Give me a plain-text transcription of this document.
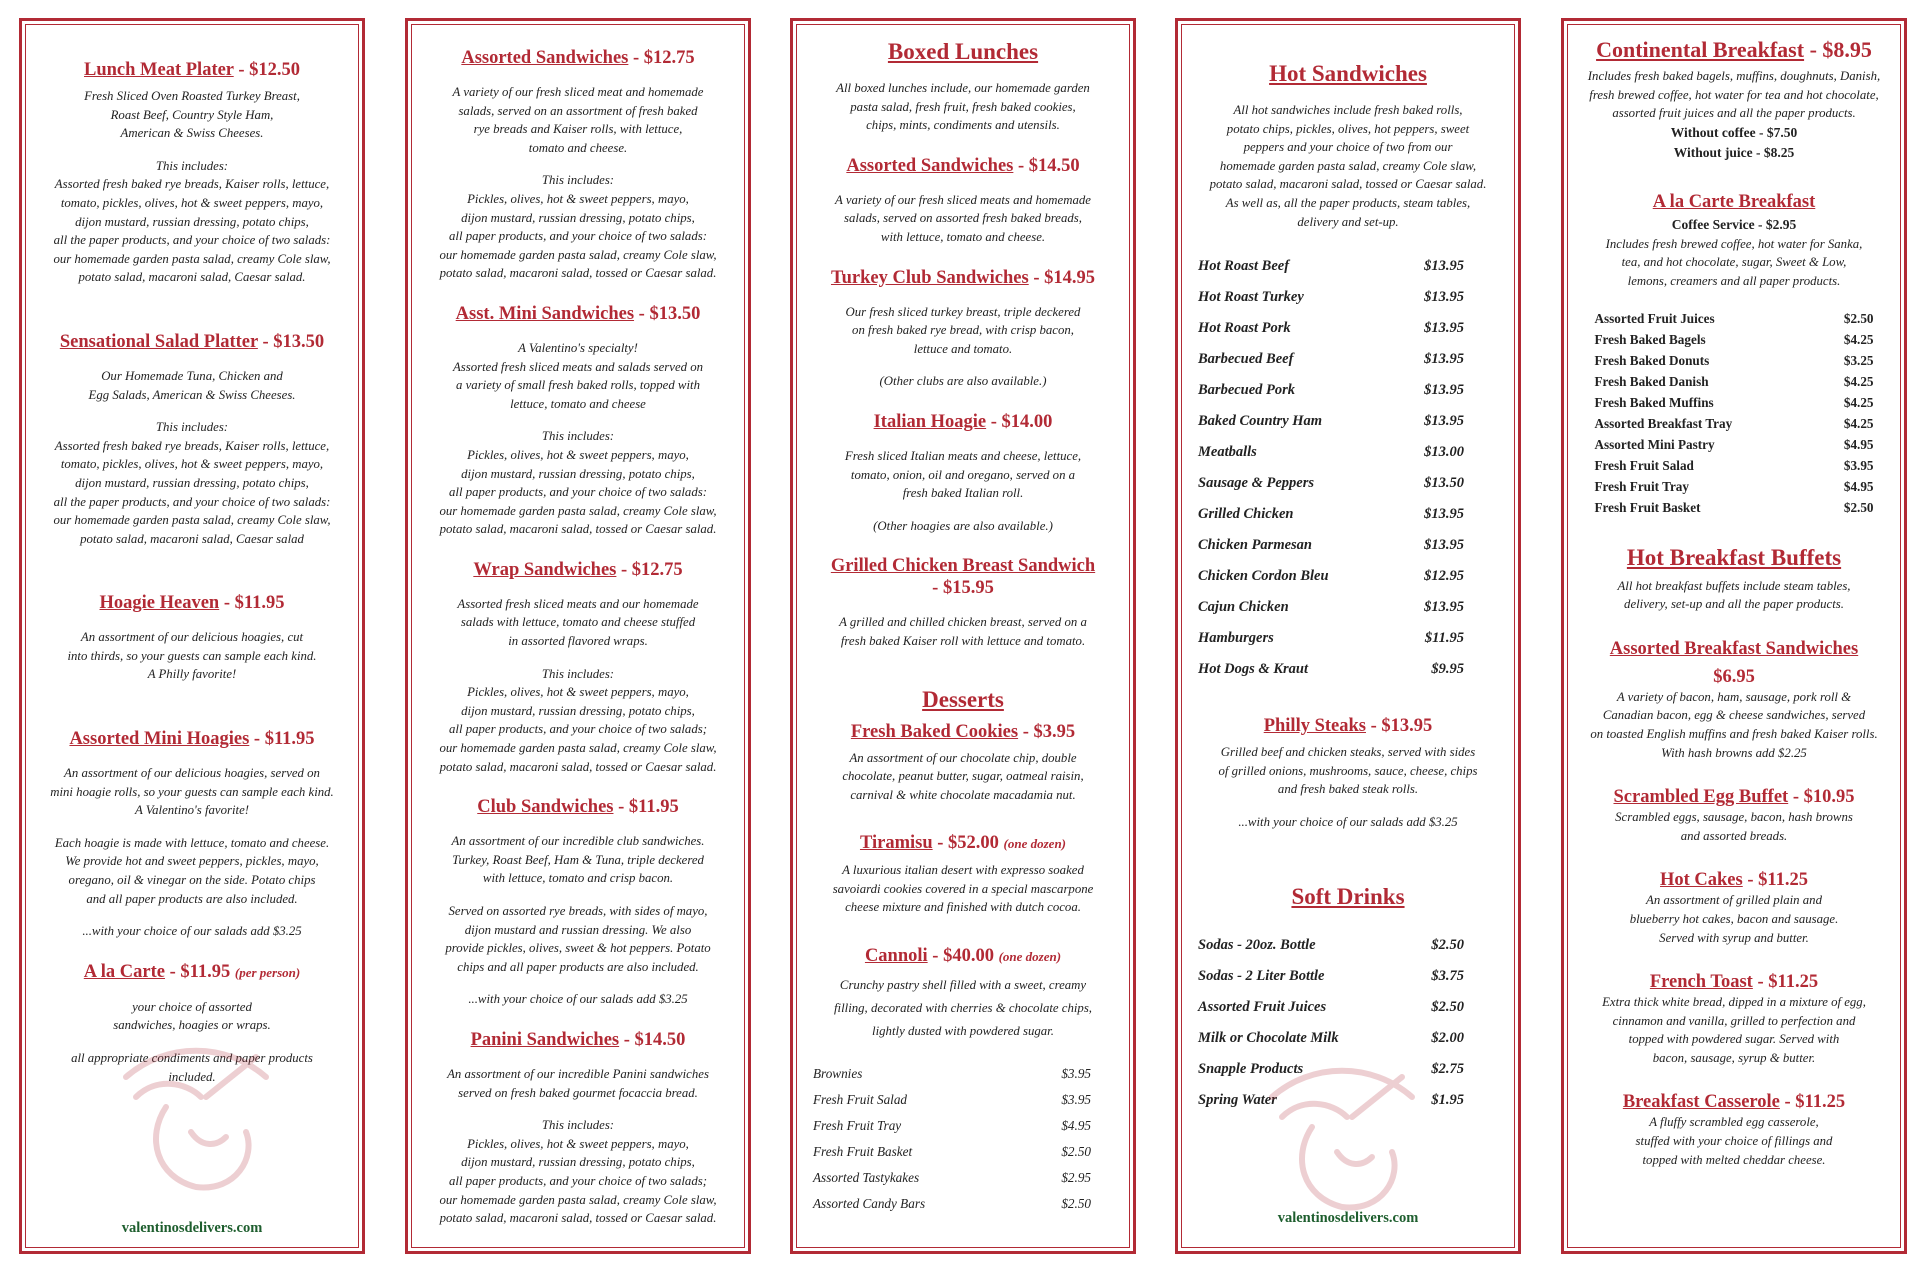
Lunch Meat Plater - $12.50
Fresh Sliced Oven Roasted Turkey Breast,
Roast Beef, Country Style Ham,
American & Swiss Cheeses.
This includes:
Assorted fresh baked rye breads, Kaiser rolls, lettuce,
tomato, pickles, olives, hot & sweet peppers, mayo,
dijon mustard, russian dressing, potato chips,
all the paper products, and your choice of two salads:
our homemade garden pasta salad, creamy Cole slaw,
potato salad, macaroni salad, Caesar salad.
Sensational Salad Platter - $13.50
Our Homemade Tuna, Chicken and
Egg Salads, American & Swiss Cheeses.
This includes:
Assorted fresh baked rye breads, Kaiser rolls, lettuce,
tomato, pickles, olives, hot & sweet peppers, mayo,
dijon mustard, russian dressing, potato chips,
all the paper products, and your choice of two salads:
our homemade garden pasta salad, creamy Cole slaw,
potato salad, macaroni salad, Caesar salad
Hoagie Heaven - $11.95
An assortment of our delicious hoagies, cut
into thirds, so your guests can sample each kind.
A Philly favorite!
Assorted Mini Hoagies - $11.95
An assortment of our delicious hoagies, served on
mini hoagie rolls, so your guests can sample each kind.
A Valentino's favorite!
Each hoagie is made with lettuce, tomato and cheese.
We provide hot and sweet peppers, pickles, mayo,
oregano, oil & vinegar on the side. Potato chips
and all paper products are also included.
...with your choice of our salads add $3.25
A la Carte - $11.95 (per person)
your choice of assorted
sandwiches, hoagies or wraps.
all appropriate condiments and paper products
included.
valentinosdelivers.com
Assorted Sandwiches - $12.75
A variety of our fresh sliced meat and homemade
salads, served on an assortment of fresh baked
rye breads and Kaiser rolls, with lettuce,
tomato and cheese.
This includes:
Pickles, olives, hot & sweet peppers, mayo,
dijon mustard, russian dressing, potato chips,
all paper products, and your choice of two salads:
our homemade garden pasta salad, creamy Cole slaw,
potato salad, macaroni salad, tossed or Caesar salad.
Asst. Mini Sandwiches - $13.50
A Valentino's specialty!
Assorted fresh sliced meats and salads served on
a variety of small fresh baked rolls, topped with
lettuce, tomato and cheese
This includes:
Pickles, olives, hot & sweet peppers, mayo,
dijon mustard, russian dressing, potato chips,
all paper products, and your choice of two salads:
our homemade garden pasta salad, creamy Cole slaw,
potato salad, macaroni salad, tossed or Caesar salad.
Wrap Sandwiches - $12.75
Assorted fresh sliced meats and our homemade
salads with lettuce, tomato and cheese stuffed
in assorted flavored wraps.
This includes:
Pickles, olives, hot & sweet peppers, mayo,
dijon mustard, russian dressing, potato chips,
all paper products, and your choice of two salads;
our homemade garden pasta salad, creamy Cole slaw,
potato salad, macaroni salad, tossed or Caesar salad.
Club Sandwiches - $11.95
An assortment of our incredible club sandwiches.
Turkey, Roast Beef, Ham & Tuna, triple deckered
with lettuce, tomato and crisp bacon.
Served on assorted rye breads, with sides of mayo,
dijon mustard and russian dressing. We also
provide pickles, olives, sweet & hot peppers. Potato
chips and all paper products are also included.
...with your choice of our salads add $3.25
Panini Sandwiches - $14.50
An assortment of our incredible Panini sandwiches
served on fresh baked gourmet focaccia bread.
This includes:
Pickles, olives, hot & sweet peppers, mayo,
dijon mustard, russian dressing, potato chips,
all paper products, and your choice of two salads;
our homemade garden pasta salad, creamy Cole slaw,
potato salad, macaroni salad, tossed or Caesar salad.
Boxed Lunches
All boxed lunches include, our homemade garden
pasta salad, fresh fruit, fresh baked cookies,
chips, mints, condiments and utensils.
Assorted Sandwiches - $14.50
A variety of our fresh sliced meats and homemade
salads, served on assorted fresh baked breads,
with lettuce, tomato and cheese.
Turkey Club Sandwiches - $14.95
Our fresh sliced turkey breast, triple deckered
on fresh baked rye bread, with crisp bacon,
lettuce and tomato.
(Other clubs are also available.)
Italian Hoagie - $14.00
Fresh sliced Italian meats and cheese, lettuce,
tomato, onion, oil and oregano, served on a
fresh baked Italian roll.
(Other hoagies are also available.)
Grilled Chicken Breast Sandwich
- $15.95
A grilled and chilled chicken breast, served on a
fresh baked Kaiser roll with lettuce and tomato.
Desserts
Fresh Baked Cookies - $3.95
An assortment of our chocolate chip, double
chocolate, peanut butter, sugar, oatmeal raisin,
carnival & white chocolate macadamia nut.
Tiramisu - $52.00 (one dozen)
A luxurious italian desert with expresso soaked
savoiardi cookies covered in a special mascarpone
cheese mixture and finished with dutch cocoa.
Cannoli - $40.00 (one dozen)
Crunchy pastry shell filled with a sweet, creamy
filling, decorated with cherries & chocolate chips,
lightly dusted with powdered sugar.
Brownies	$3.95
Fresh Fruit Salad	$3.95
Fresh Fruit Tray	$4.95
Fresh Fruit Basket	$2.50
Assorted Tastykakes	$2.95
Assorted Candy Bars	$2.50
Hot Sandwiches
All hot sandwiches include fresh baked rolls,
potato chips, pickles, olives, hot peppers, sweet
peppers and your choice of two from our
homemade garden pasta salad, creamy Cole slaw,
potato salad, macaroni salad, tossed or Caesar salad.
As well as, all the paper products, steam tables,
delivery and set-up.
Hot Roast Beef	$13.95
Hot Roast Turkey	$13.95
Hot Roast Pork	$13.95
Barbecued Beef	$13.95
Barbecued Pork	$13.95
Baked Country Ham	$13.95
Meatballs	$13.00
Sausage & Peppers	$13.50
Grilled Chicken	$13.95
Chicken Parmesan	$13.95
Chicken Cordon Bleu	$12.95
Cajun Chicken	$13.95
Hamburgers	$11.95
Hot Dogs & Kraut	$9.95
Philly Steaks - $13.95
Grilled beef and chicken steaks, served with sides
of grilled onions, mushrooms, sauce, cheese, chips
and fresh baked steak rolls.
...with your choice of our salads add $3.25
Soft Drinks
Sodas - 20oz. Bottle	$2.50
Sodas - 2 Liter Bottle	$3.75
Assorted Fruit Juices	$2.50
Milk or Chocolate Milk	$2.00
Snapple Products	$2.75
Spring Water	$1.95
valentinosdelivers.com
Continental Breakfast - $8.95
Includes fresh baked bagels, muffins, doughnuts, Danish,
fresh brewed coffee, hot water for tea and hot chocolate,
assorted fruit juices and all the paper products.
Without coffee - $7.50
Without juice - $8.25
A la Carte Breakfast
Coffee Service - $2.95
Includes fresh brewed coffee, hot water for Sanka,
tea, and hot chocolate, sugar, Sweet & Low,
lemons, creamers and all paper products.
Assorted Fruit Juices	$2.50
Fresh Baked Bagels	$4.25
Fresh Baked Donuts	$3.25
Fresh Baked Danish	$4.25
Fresh Baked Muffins	$4.25
Assorted Breakfast Tray	$4.25
Assorted Mini Pastry	$4.95
Fresh Fruit Salad	$3.95
Fresh Fruit Tray	$4.95
Fresh Fruit Basket	$2.50
Hot Breakfast Buffets
All hot breakfast buffets include steam tables,
delivery, set-up and all the paper products.
Assorted Breakfast Sandwiches
$6.95
A variety of bacon, ham, sausage, pork roll &
Canadian bacon, egg & cheese sandwiches, served
on toasted English muffins and fresh baked Kaiser rolls.
With hash browns add $2.25
Scrambled Egg Buffet - $10.95
Scrambled eggs, sausage, bacon, hash browns
and assorted breads.
Hot Cakes - $11.25
An assortment of grilled plain and
blueberry hot cakes, bacon and sausage.
Served with syrup and butter.
French Toast - $11.25
Extra thick white bread, dipped in a mixture of egg,
cinnamon and vanilla, grilled to perfection and
topped with powdered sugar. Served with
bacon, sausage, syrup & butter.
Breakfast Casserole - $11.25
A fluffy scrambled egg casserole,
stuffed with your choice of fillings and
topped with melted cheddar cheese.
